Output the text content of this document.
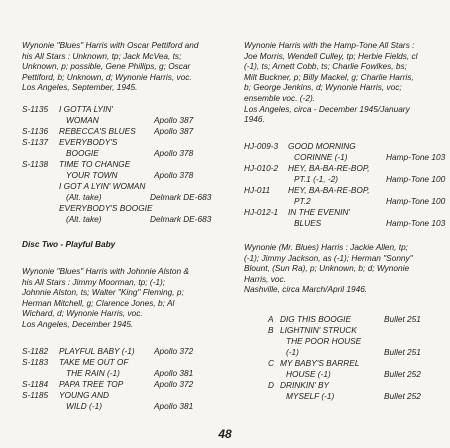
Wynonie "Blues" Harris with Oscar Pettiford and

his All Stars : Unknown, tp; Jack McVea, ts;

Unknown, p; possible, Gene Phillips, g; Oscar

Pettiford, b; Unknown, d; Wynonie Harris, voc.

Los Angeles, September, 1945.

S-1135 I GOTTA LYIN'
WOMAN	Apollo 387
S-1136 REBECCA'S BLUES Apollo 387
S-1137 EVERYBODY'S
BOOGIE	Apollo 378
S-1138 TIME TO CHANGE
YOUR TOWN	Apollo 378
I GOT A LYIN' WOMAN
(Alt. take)	Delmark DE-683
EVERYBODY'S BOOGIE
(Alt. take)	Delmark DE-683
Disc Two - Playful Baby

Wynonie "Blues" Harris with Johnnie Alston &

his All Stars : Jimmy Moorman, tp; (-1);

Johnnie Alston, ts; Walter "King" Fleming, p;

Herman Mitchell, g; Clarence Jones, b; Al

Wichard, d; Wynonie Harris, voc.

Los Angeles, December 1945.

S-1182 PLAYFUL BABY (-1) Apollo 372
S-1183 TAKE ME OUT OF
THE RAIN (-1)	Apollo 381
S-1184 PAPA TREE TOP	Apollo 372
S-1185 YOUNG AND
WILD (-1)	Apollo 381

Wynonie Harris with the Hamp-Tone All Stars :

Joe Morris, Wendell Culley, tp; Herbie Fields, cl

(-1), ts; Arnett Cobb, ts; Charlie Fowlkes, bs;

Milt Buckner, p; Billy Mackel, g; Charlie Harris,

b; George Jenkins, d; Wynonie Harris, voc;

ensemble voc. (-2).

Los Angeles, circa - December 1945/January

1946.

HJ-009-3 GOOD MORNING
CORINNE (-1)	Hamp-Tone 103
HJ-010-2 HEY, BA-BA-RE-BOP,
PT.1 (-1, -2)	Hamp-Tone 100
HJ-011 HEY, BA-BA-RE-BOP,
PT.2	Hamp-Tone 100
HJ-012-1 IN THE EVENIN'
BLUES	Hamp-Tone 103

Wynonie (Mr. Blues) Harris : Jackie Allen, tp;

(-1); Jimmy Jackson, as (-1); Herman "Sonny"

Blount, (Sun Ra), p; Unknown, b; d; Wynonie

Harris, voc.

Nashville, circa March/April 1946.

A DIG THIS BOOGIE	Bullet 251
B LIGHTNIN' STRUCK
THE POOR HOUSE
(-1)	Bullet 251
C MY BABY'S BARREL
HOUSE (-1)	Bullet 252
D DRINKIN' BY
MYSELF (-1)	Bullet 252
48
